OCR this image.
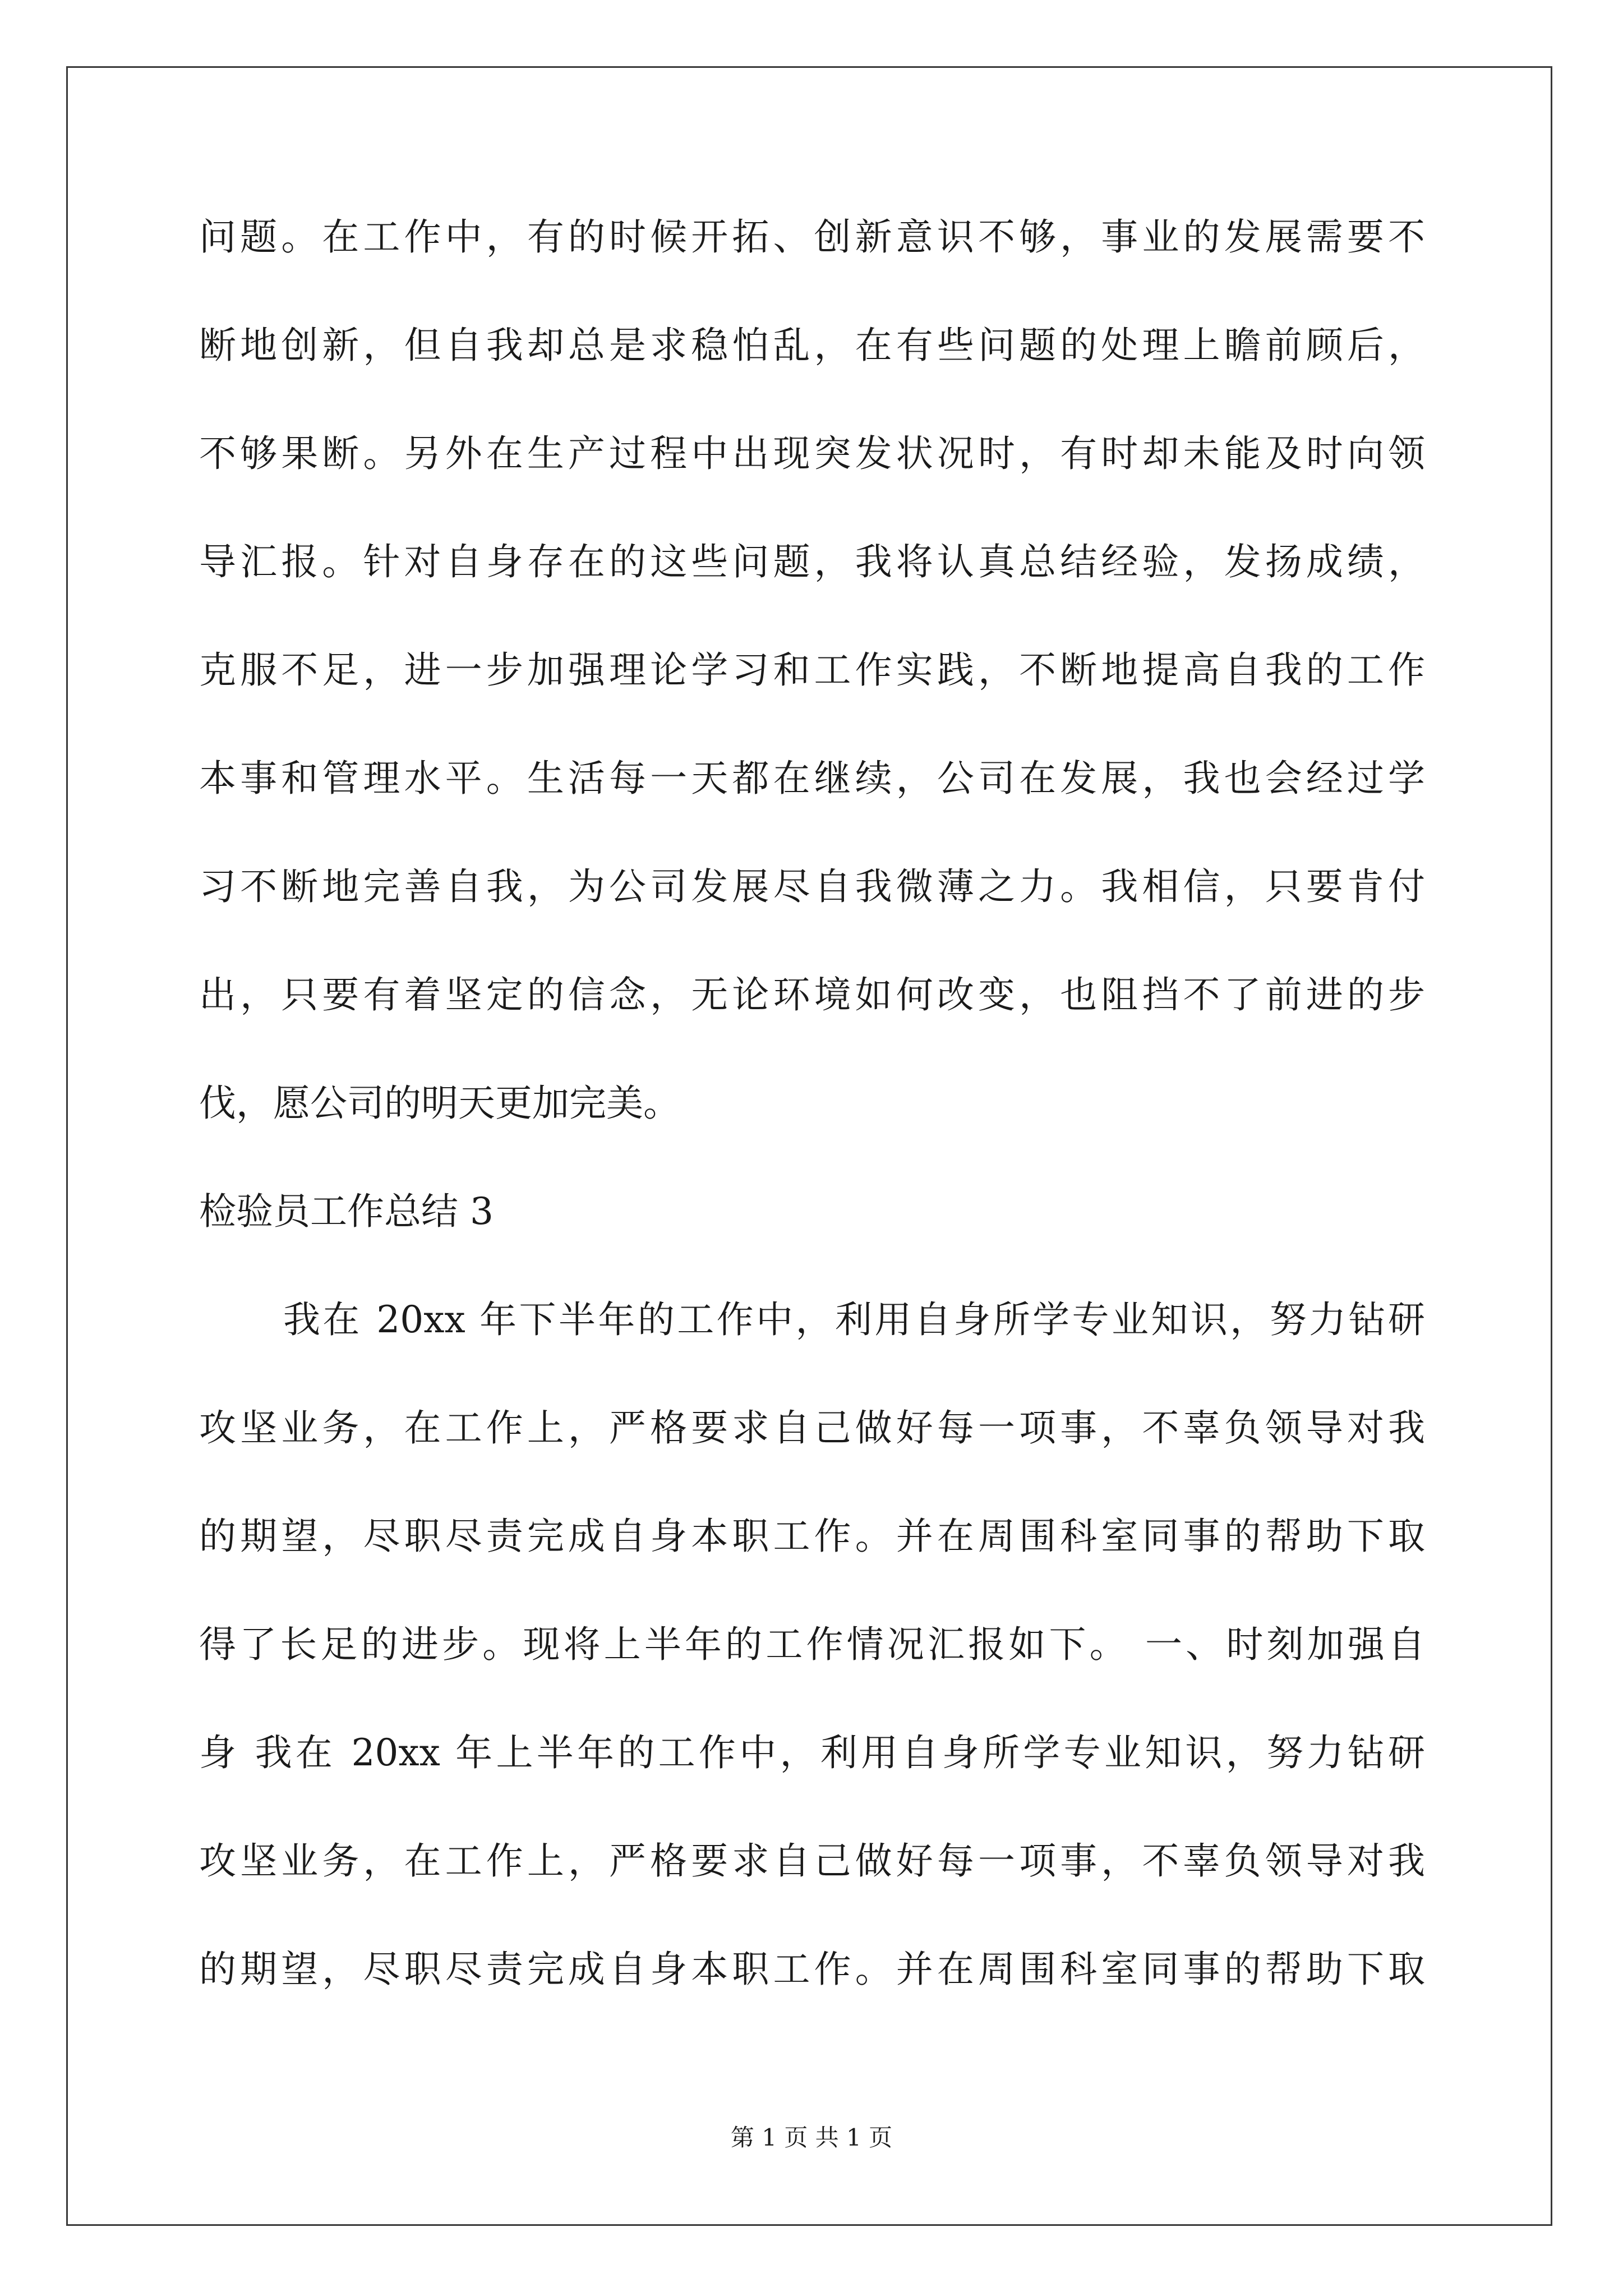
问题。在工作中，有的时候开拓、创新意识不够，事业的发展需要不
断地创新，但自我却总是求稳怕乱，在有些问题的处理上瞻前顾后，
不够果断。另外在生产过程中出现突发状况时，有时却未能及时向领
导汇报。针对自身存在的这些问题，我将认真总结经验，发扬成绩，
克服不足，进一步加强理论学习和工作实践，不断地提高自我的工作
本事和管理水平。生活每一天都在继续，公司在发展，我也会经过学
习不断地完善自我，为公司发展尽自我微薄之力。我相信，只要肯付
出，只要有着坚定的信念，无论环境如何改变，也阻挡不了前进的步
伐，愿公司的明天更加完美。
检验员工作总结 3
我在 20xx 年下半年的工作中，利用自身所学专业知识，努力钻研
攻坚业务，在工作上，严格要求自己做好每一项事，不辜负领导对我
的期望，尽职尽责完成自身本职工作。并在周围科室同事的帮助下取
得了长足的进步。现将上半年的工作情况汇报如下。 一、时刻加强自
身 我在 20xx 年上半年的工作中，利用自身所学专业知识，努力钻研
攻坚业务，在工作上，严格要求自己做好每一项事，不辜负领导对我
的期望，尽职尽责完成自身本职工作。并在周围科室同事的帮助下取
第 1 页 共 1 页
